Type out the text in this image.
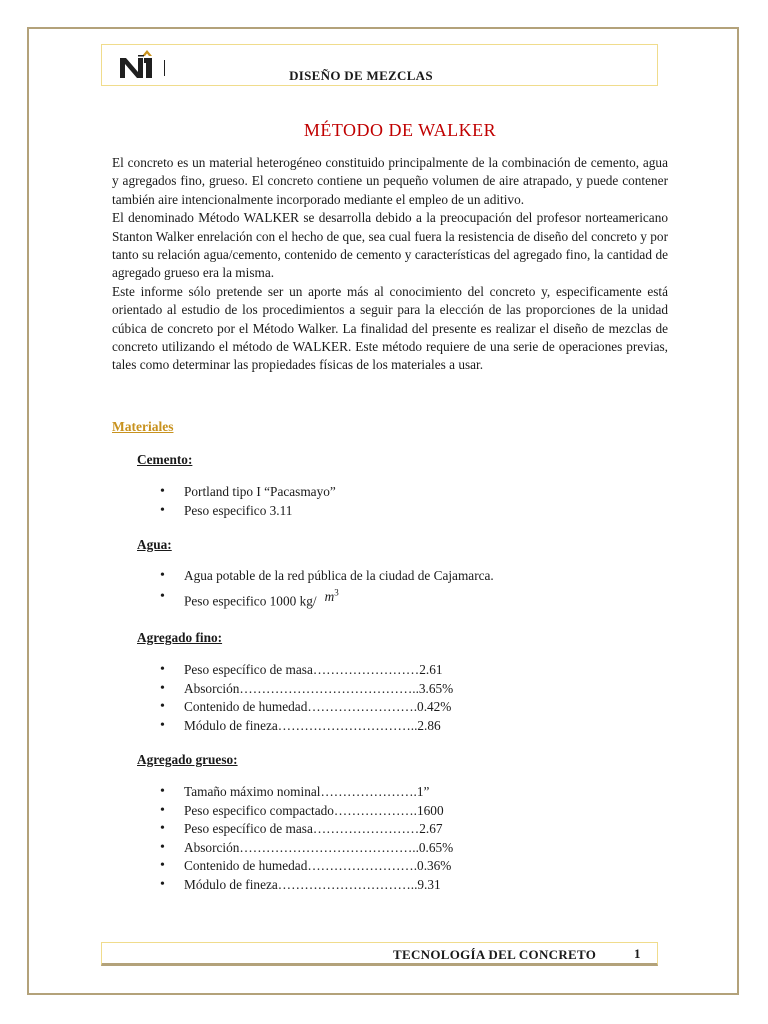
DISEÑO DE MEZCLAS
MÉTODO DE WALKER

El concreto es un material heterogéneo constituido principalmente de la combinación de cemento, agua y agregados fino, grueso. El concreto contiene un pequeño volumen de aire atrapado, y puede contener también aire intencionalmente incorporado mediante el empleo de un aditivo.

El denominado Método WALKER se desarrolla debido a la preocupación del profesor norteamericano Stanton Walker enrelación con el hecho de que, sea cual fuera la resistencia de diseño del concreto y por tanto su relación agua/cemento, contenido de cemento y características del agregado fino, la cantidad de agregado grueso era la misma.

Este informe sólo pretende ser un aporte más al conocimiento del concreto y, especificamente está orientado al estudio de los procedimientos a seguir para la elección de las proporciones de la unidad cúbica de concreto por el Método Walker. La finalidad del presente es realizar el diseño de mezclas de concreto utilizando el método de WALKER. Este método requiere de una serie de operaciones previas, tales como determinar las propiedades físicas de los materiales a usar.

Materiales
Cemento:
• Portland tipo I “Pacasmayo”
• Peso especifico 3.11
Agua:
• Agua potable de la red pública de la ciudad de Cajamarca.
• Peso especifico 1000 kg/ $m^3$
Agregado fino:
• Peso específico de masa……………………2.61
• Absorción…………………………………..3.65%
• Contenido de humedad…………………….0.42%
• Módulo de fineza…………………………..2.86
Agregado grueso:
• Tamaño máximo nominal………………….1”
• Peso especifico compactado……………….1600
• Peso específico de masa……………………2.67
• Absorción…………………………………..0.65%
• Contenido de humedad…………………….0.36%
• Módulo de fineza…………………………..9.31
TECNOLOGÍA DEL CONCRETO	1
